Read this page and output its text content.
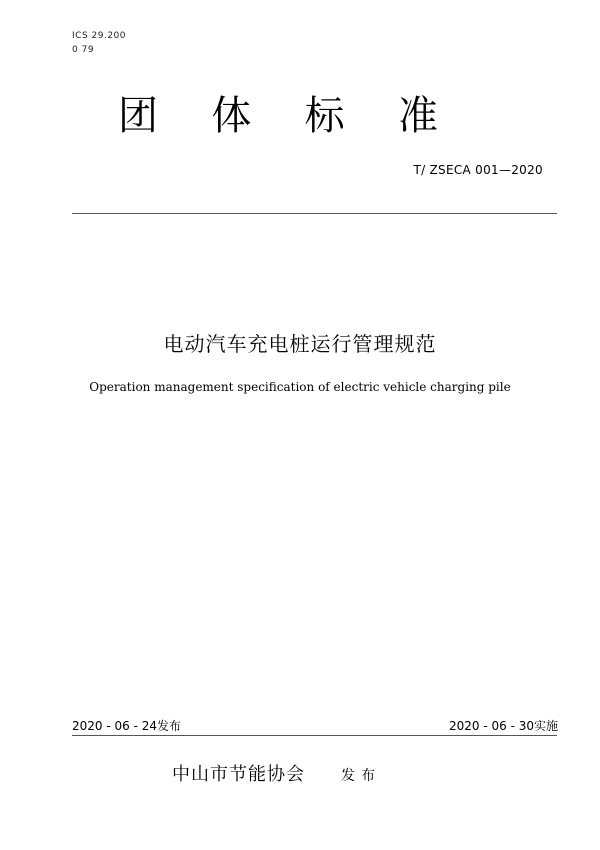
ICS 29.200
0 79
团 体 标 准
T/ ZSECA 001—2020
电动汽车充电桩运行管理规范
Operation management specification of electric vehicle charging pile
2020 - 06 - 24发布	2020 - 06 - 30实施
中山市节能协会	发布
